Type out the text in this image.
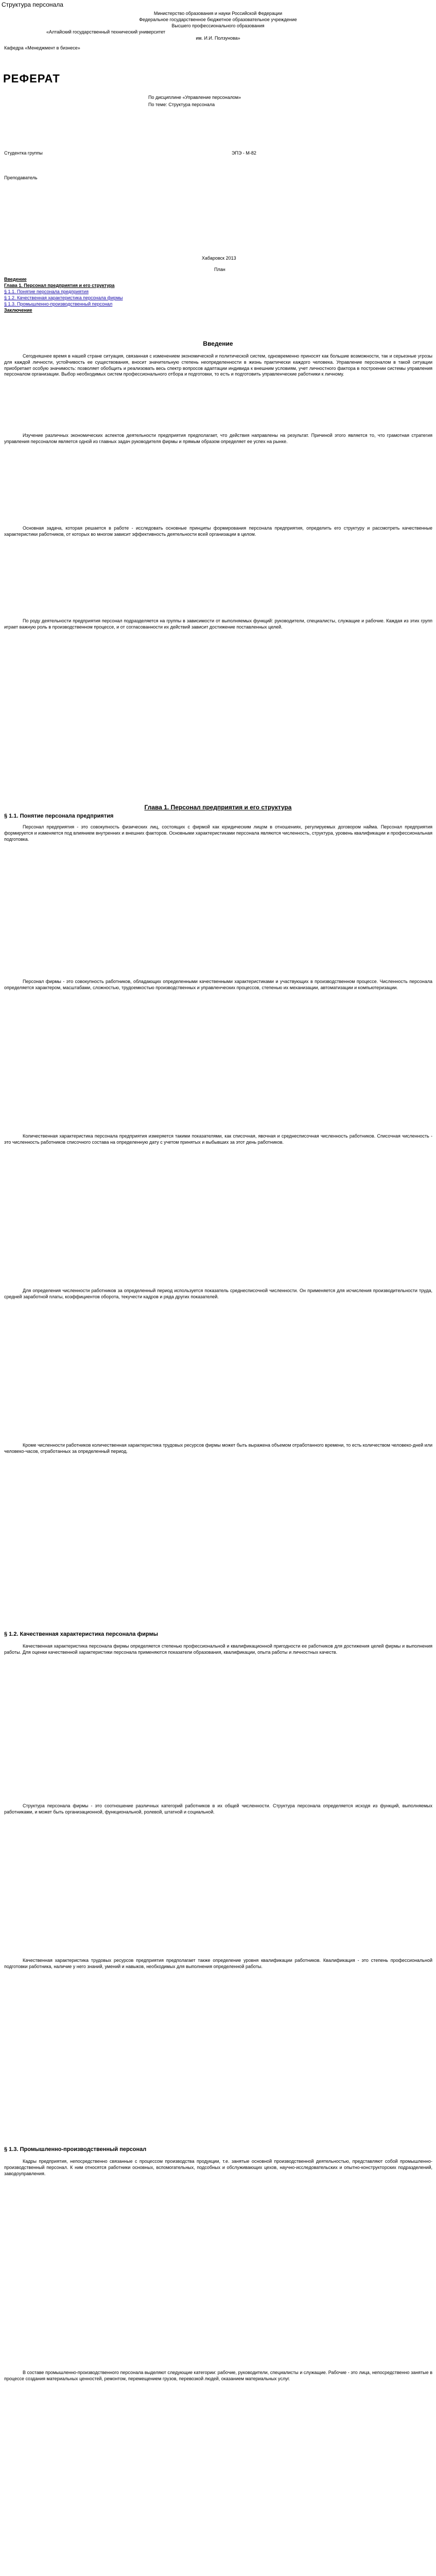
Структура персонала
Министерство образования и науки Российской Федерации
Федеральное государственное бюджетное образовательное учреждение
Высшего профессионального образования
«Алтайский государственный технический университет
им. И.И. Ползунова»
Кафедра «Менеджмент в бизнесе»
РЕФЕРАТ
По дисциплине «Управление персоналом»
По теме: Структура персонала
Студентка группы	ЭПЭ - М-82
Преподаватель
Хабаровск 2013
План
Введение
Глава 1. Персонал предприятия и его структура
§ 1.1. Понятие персонала предприятия
§ 1.2. Качественная характеристика персонала фирмы
§ 1.3. Промышленно-производственный персонал
Заключение
Введение

Сегодняшнее время в нашей стране ситуация, связанная с изменением экономической и политической систем, одновременно приносят как большие возможности, так и серьезные угрозы для каждой личности, устойчивость ее существования, вносит значительную степень неопределенности в жизнь практически каждого человека. Управление персоналом в такой ситуации приобретает особую значимость: позволяет обобщить и реализовать весь спектр вопросов адаптации индивида к внешним условиям, учет личностного фактора в построении системы управления персоналом организации. Выбор необходимых систем профессионального отбора и подготовки, то есть и подготовить управленческие работники к личному.

Изучение различных экономических аспектов деятельности предприятия предполагает, что действия направлены на результат. Причиной этого является то, что грамотная стратегия управления персоналом является одной из главных задач руководителя фирмы и прямым образом определяет ее успех на рынке.

Основная задача, которая решается в работе - исследовать основные принципы формирования персонала предприятия, определить его структуру и рассмотреть качественные характеристики работников, от которых во многом зависит эффективность деятельности всей организации в целом.

По роду деятельности предприятия персонал подразделяется на группы в зависимости от выполняемых функций: руководители, специалисты, служащие и рабочие. Каждая из этих групп играет важную роль в производственном процессе, и от согласованности их действий зависит достижение поставленных целей.

Глава 1. Персонал предприятия и его структура
§ 1.1. Понятие персонала предприятия

Персонал предприятия - это совокупность физических лиц, состоящих с фирмой как юридическим лицом в отношениях, регулируемых договором найма. Персонал предприятия формируется и изменяется под влиянием внутренних и внешних факторов. Основными характеристиками персонала являются численность, структура, уровень квалификации и профессиональная подготовка.

Персонал фирмы - это совокупность работников, обладающих определенными качественными характеристиками и участвующих в производственном процессе. Численность персонала определяется характером, масштабами, сложностью, трудоемкостью производственных и управленческих процессов, степенью их механизации, автоматизации и компьютеризации.

Количественная характеристика персонала предприятия измеряется такими показателями, как списочная, явочная и среднесписочная численность работников. Списочная численность - это численность работников списочного состава на определенную дату с учетом принятых и выбывших за этот день работников.

Для определения численности работников за определенный период используется показатель среднесписочной численности. Он применяется для исчисления производительности труда, средней заработной платы, коэффициентов оборота, текучести кадров и ряда других показателей.

Кроме численности работников количественная характеристика трудовых ресурсов фирмы может быть выражена объемом отработанного времени, то есть количеством человеко-дней или человеко-часов, отработанных за определенный период.

§ 1.2. Качественная характеристика персонала фирмы

Качественная характеристика персонала фирмы определяется степенью профессиональной и квалификационной пригодности ее работников для достижения целей фирмы и выполнения работы. Для оценки качественной характеристики персонала применяются показатели образования, квалификации, опыта работы и личностных качеств.

Структура персонала фирмы - это соотношение различных категорий работников в их общей численности. Структура персонала определяется исходя из функций, выполняемых работниками, и может быть организационной, функциональной, ролевой, штатной и социальной.

Качественная характеристика трудовых ресурсов предприятия предполагает также определение уровня квалификации работников. Квалификация - это степень профессиональной подготовки работника, наличие у него знаний, умений и навыков, необходимых для выполнения определенной работы.

§ 1.3. Промышленно-производственный персонал

Кадры предприятия, непосредственно связанные с процессом производства продукции, т.е. занятые основной производственной деятельностью, представляют собой промышленно-производственный персонал. К ним относятся работники основных, вспомогательных, подсобных и обслуживающих цехов, научно-исследовательских и опытно-конструкторских подразделений, заводоуправления.

В составе промышленно-производственного персонала выделяют следующие категории: рабочие, руководители, специалисты и служащие. Рабочие - это лица, непосредственно занятые в процессе создания материальных ценностей, ремонтом, перемещением грузов, перевозкой людей, оказанием материальных услуг.
